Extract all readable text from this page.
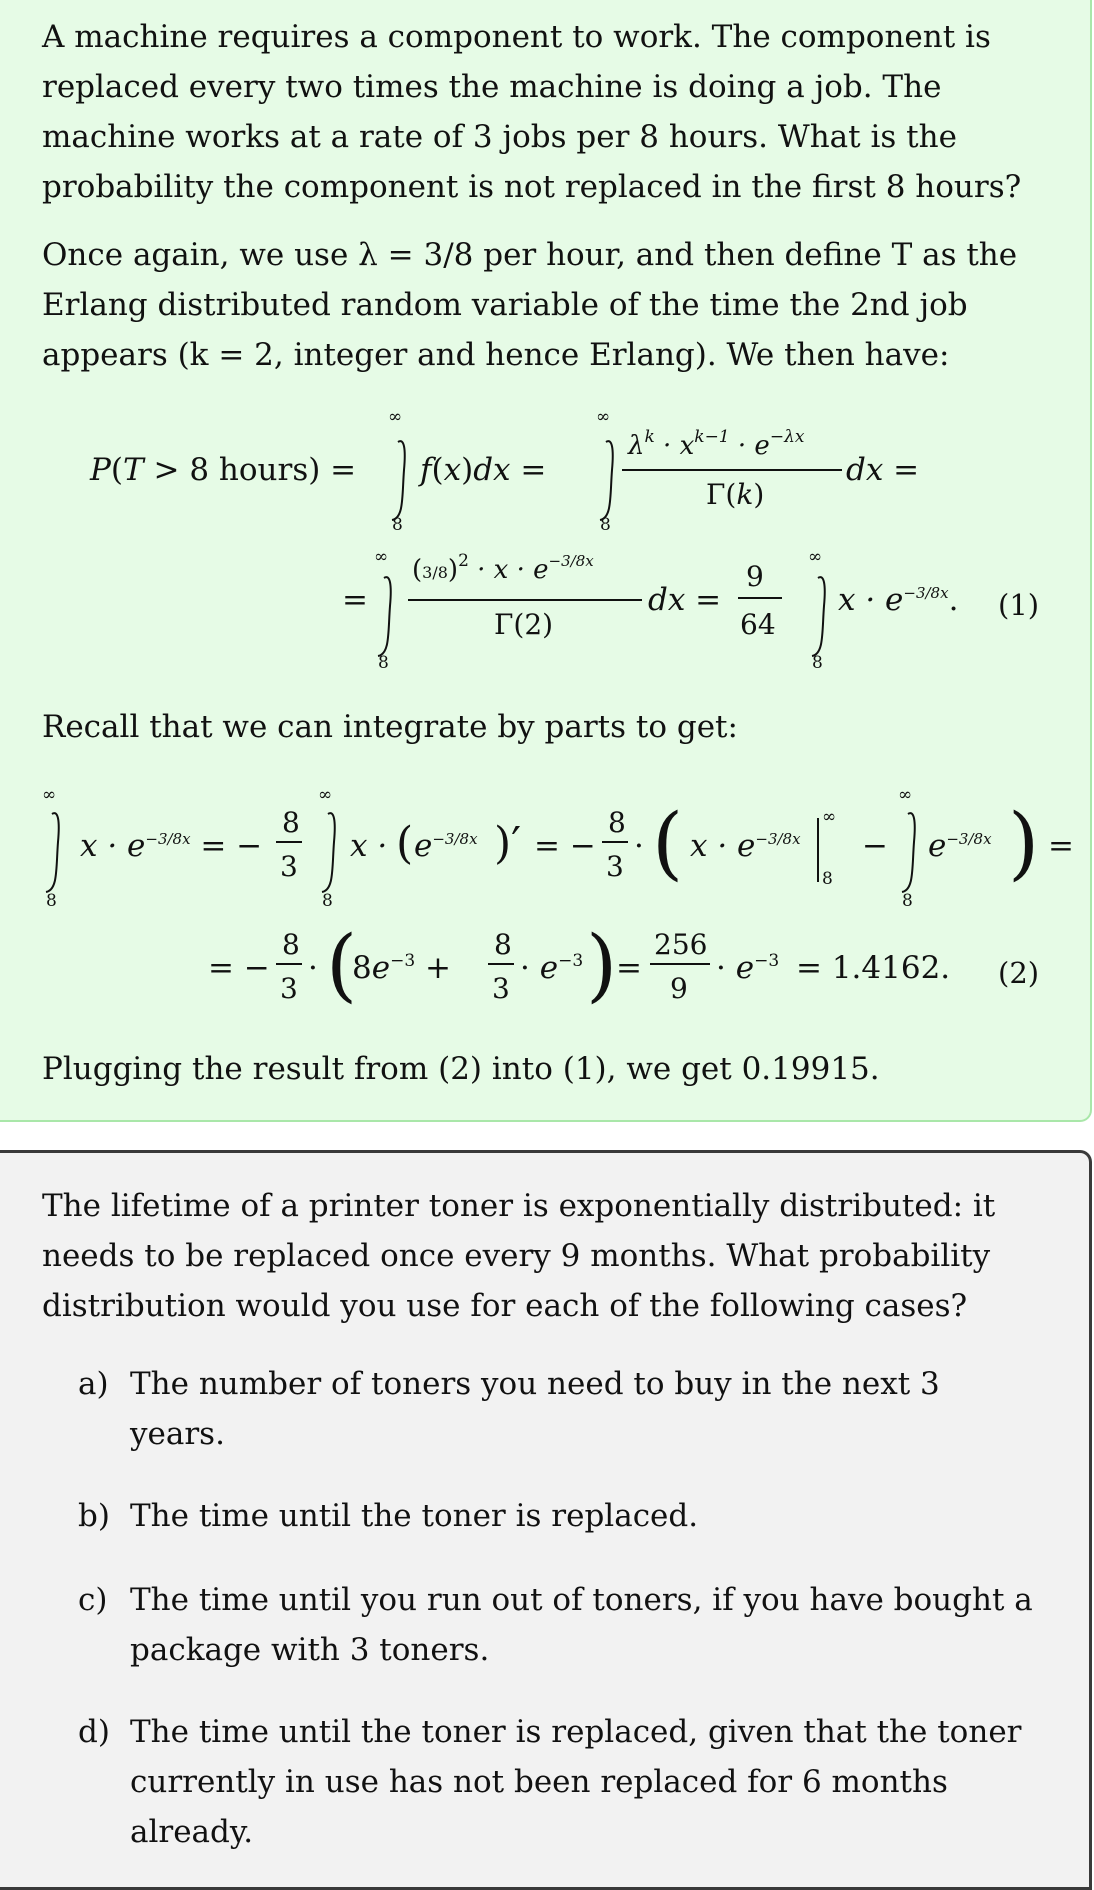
A machine requires a component to work. The component is replaced every two times the machine is doing a job. The machine works at a rate of 3 jobs per 8 hours. What is the probability the component is not replaced in the first 8 hours?

Once again, we use λ = 3/8 per hour, and then define T as the Erlang distributed random variable of the time the 2nd job appears (k = 2, integer and hence Erlang). We then have:

P(T > 8 hours) =
∞
8
f(x)dx =
∞
8
$\lambda^k \cdot x^{k-1} \cdot e^{-\lambda x}$
Γ(k)
dx =
=
∞
8
$(3/8)^2 \cdot x \cdot e^{-3/8x}$
Γ(2)
dx =
9
64
∞
8
$x \cdot e^{-3/8x}$. (1)

Recall that we can integrate by parts to get:

∞
8
$x \cdot e^{-3/8x}$ = −
8
3
∞
8
x · ( $e^{-3/8x}$ )′ = −
8
3
· ( $x \cdot e^{-3/8x}$
∞
8
−
∞
8
$e^{-3/8x}$ ) =
= −
8
3
· (
$8e^{-3}$ +
8
3
· $e^{-3}$ )
=
256
9
· $e^{-3} = 1.4162$. (2)

Plugging the result from (2) into (1), we get 0.19915.

The lifetime of a printer toner is exponentially distributed: it needs to be replaced once every 9 months. What probability distribution would you use for each of the following cases?

a) The number of toners you need to buy in the next 3 years.
b) The time until the toner is replaced.
c) The time until you run out of toners, if you have bought a package with 3 toners.
d) The time until the toner is replaced, given that the toner currently in use has not been replaced for 6 months already.
